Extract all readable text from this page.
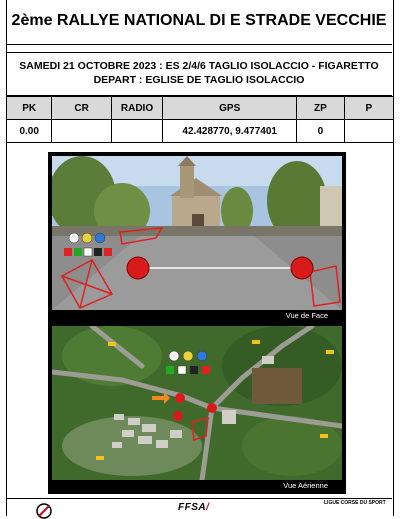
2ème RALLYE NATIONAL DI E STRADE VECCHIE
SAMEDI 21 OCTOBRE 2023 : ES 2/4/6 TAGLIO ISOLACCIO - FIGARETTO
DEPART : EGLISE DE TAGLIO ISOLACCIO
PK	CR	RADIO	GPS	ZP	P
0.00			42.428770, 9.477401	0	
Vue de Face
Vue Aérienne
FFSA/	LIGUE CORSE DU SPORT
